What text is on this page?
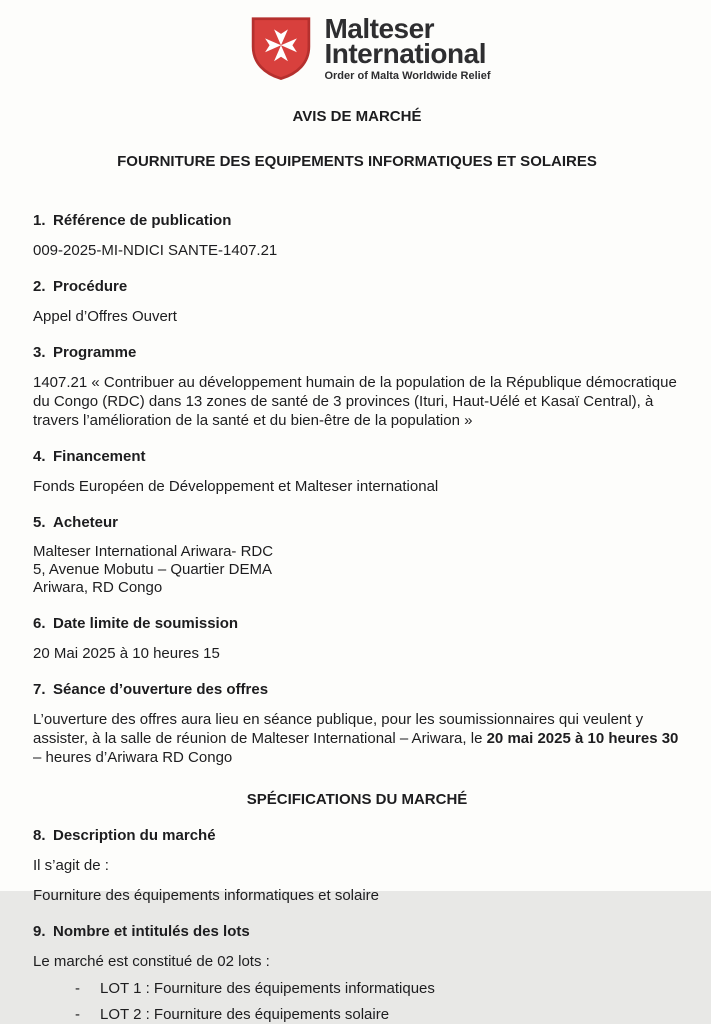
Malteser
International
Order of Malta Worldwide Relief
AVIS DE MARCHÉ
FOURNITURE DES EQUIPEMENTS INFORMATIQUES ET SOLAIRES
1. Référence de publication

009-2025-MI-NDICI SANTE-1407.21

2. Procédure

Appel d’Offres Ouvert

3. Programme

1407.21 « Contribuer au développement humain de la population de la République démocratique du Congo (RDC) dans 13 zones de santé de 3 provinces (Ituri, Haut-Uélé et Kasaï Central), à travers l’amélioration de la santé et du bien-être de la population »

4. Financement

Fonds Européen de Développement et Malteser international

5. Acheteur

Malteser International Ariwara- RDC

5, Avenue Mobutu – Quartier DEMA

Ariwara, RD Congo

6. Date limite de soumission

20 Mai 2025 à 10 heures 15

7. Séance d’ouverture des offres

L’ouverture des offres aura lieu en séance publique, pour les soumissionnaires qui veulent y assister, à la salle de réunion de Malteser International – Ariwara, le 20 mai 2025 à 10 heures 30 – heures d’Ariwara RD Congo

SPÉCIFICATIONS DU MARCHÉ
8. Description du marché

Il s’agit de :

Fourniture des équipements informatiques et solaire

9. Nombre et intitulés des lots

Le marché est constitué de 02 lots :

- LOT 1 : Fourniture des équipements informatiques
- LOT 2 : Fourniture des équipements solaire
